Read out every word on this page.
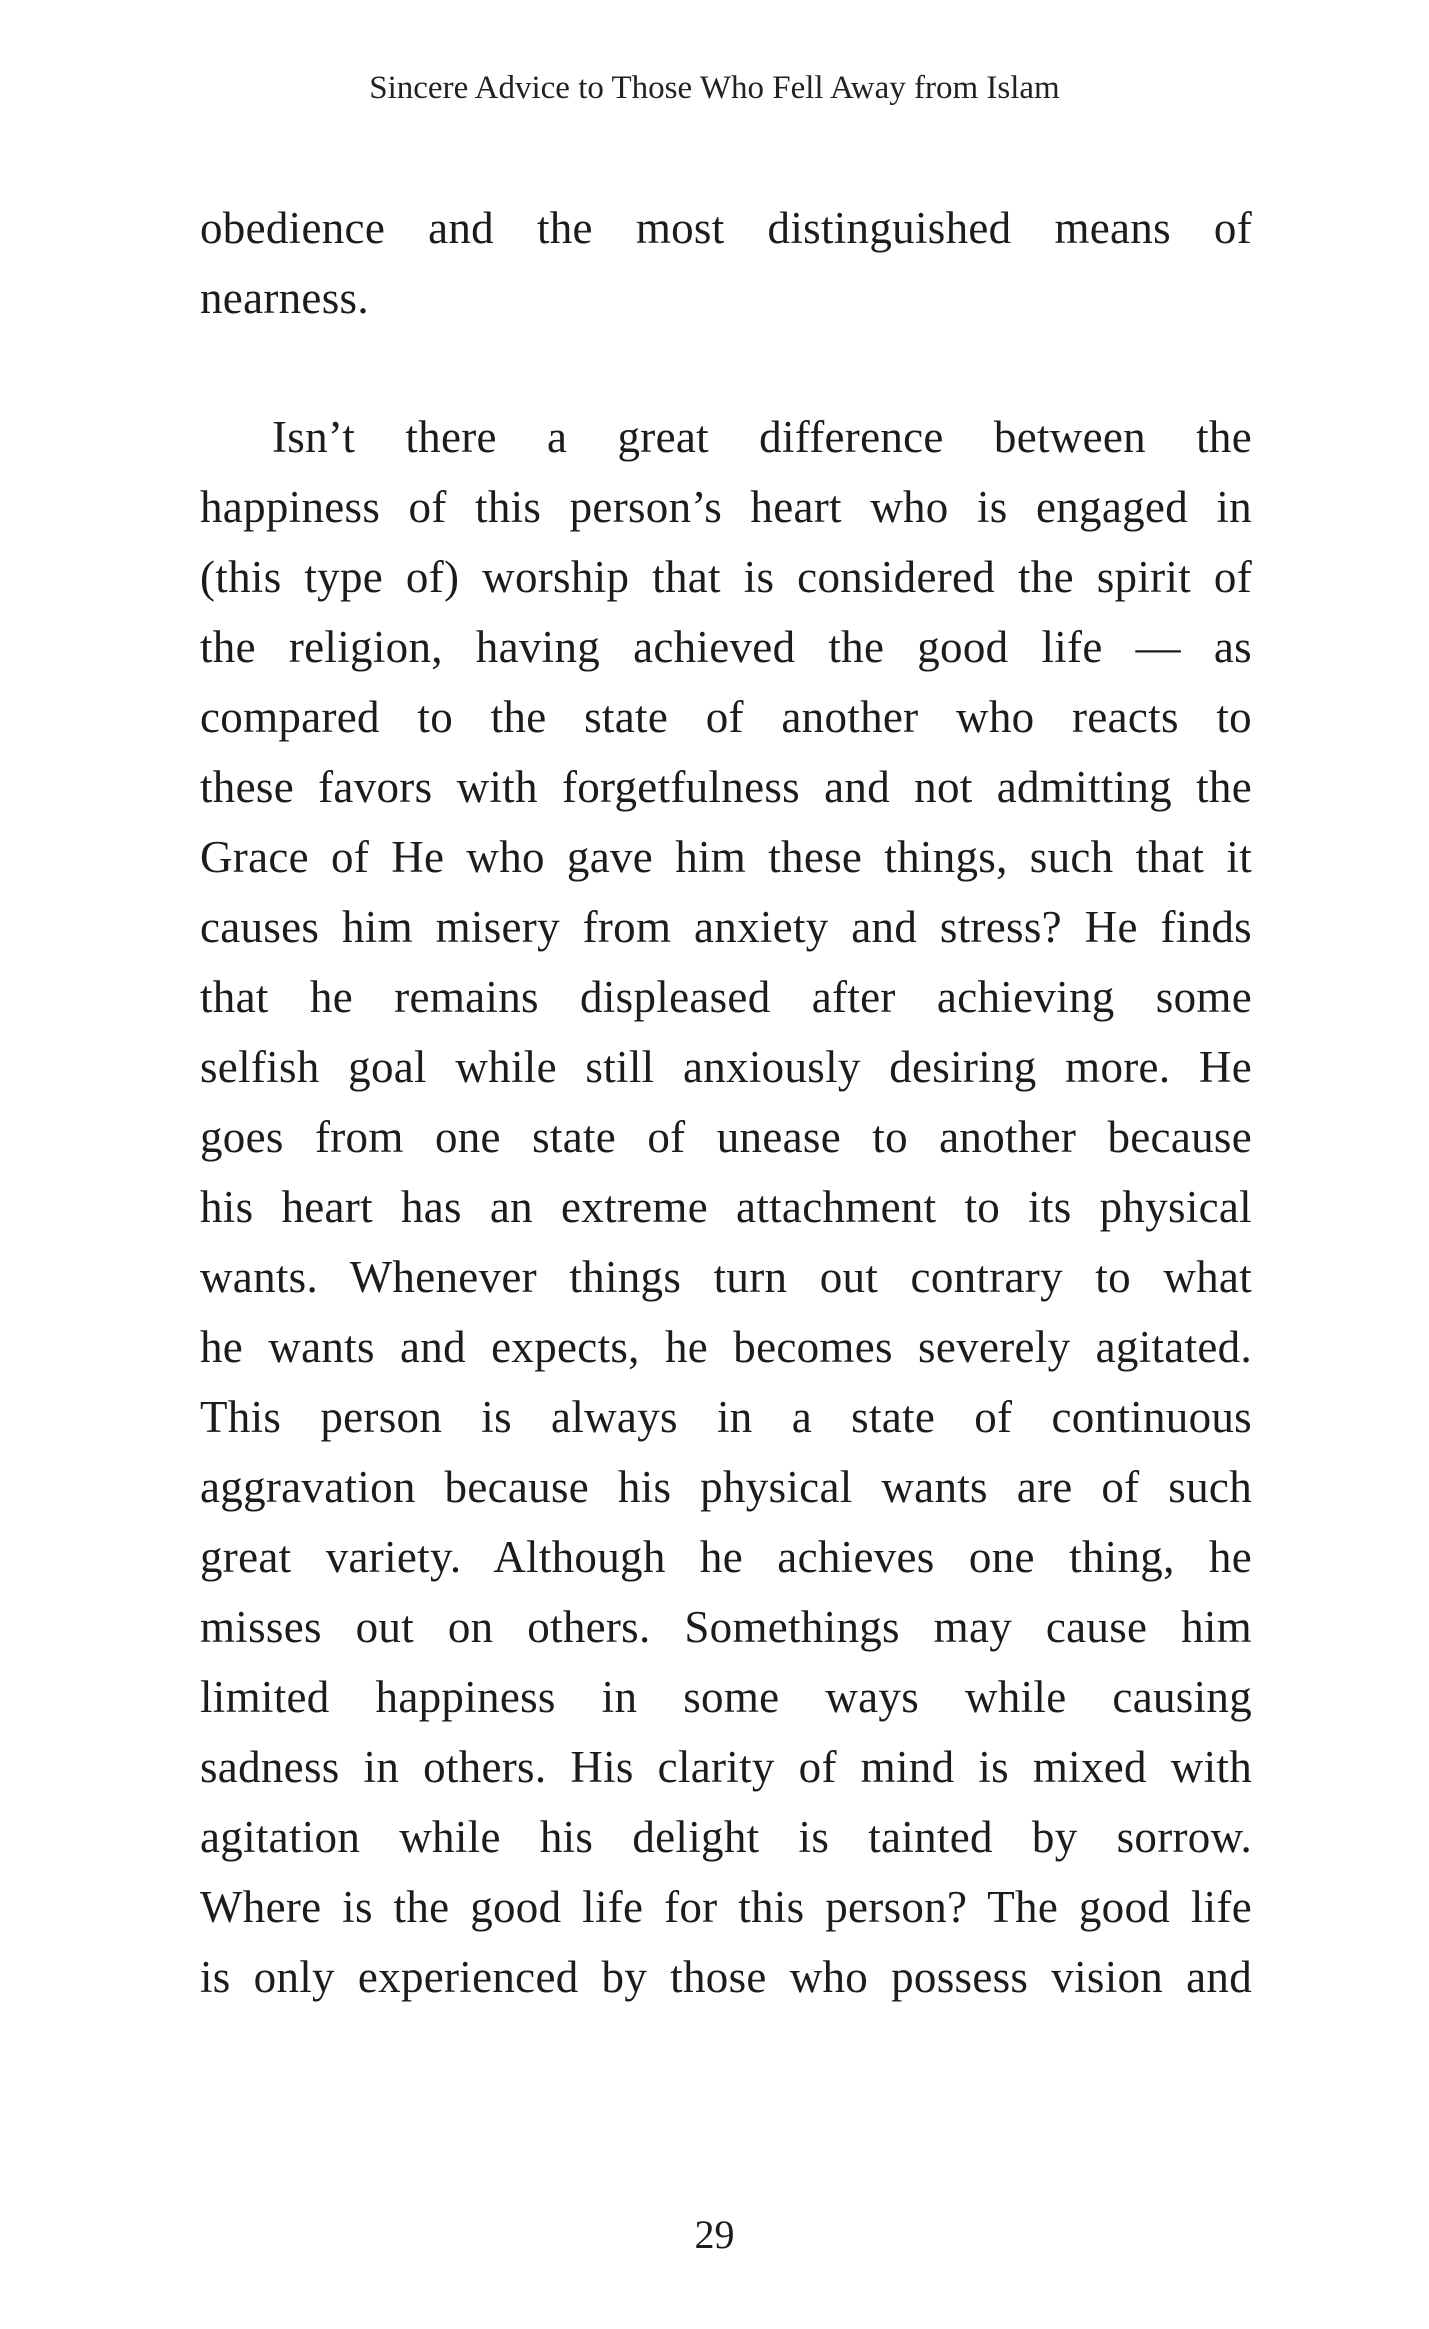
Sincere Advice to Those Who Fell Away from Islam
obedience and the most distinguished means of
nearness.
Isn’t there a great difference between the
happiness of this person’s heart who is engaged in
(this type of) worship that is considered the spirit of
the religion, having achieved the good life — as
compared to the state of another who reacts to
these favors with forgetfulness and not admitting the
Grace of He who gave him these things, such that it
causes him misery from anxiety and stress? He finds
that he remains displeased after achieving some
selfish goal while still anxiously desiring more. He
goes from one state of unease to another because
his heart has an extreme attachment to its physical
wants. Whenever things turn out contrary to what
he wants and expects, he becomes severely agitated.
This person is always in a state of continuous
aggravation because his physical wants are of such
great variety. Although he achieves one thing, he
misses out on others. Somethings may cause him
limited happiness in some ways while causing
sadness in others. His clarity of mind is mixed with
agitation while his delight is tainted by sorrow.
Where is the good life for this person? The good life
is only experienced by those who possess vision and
29
